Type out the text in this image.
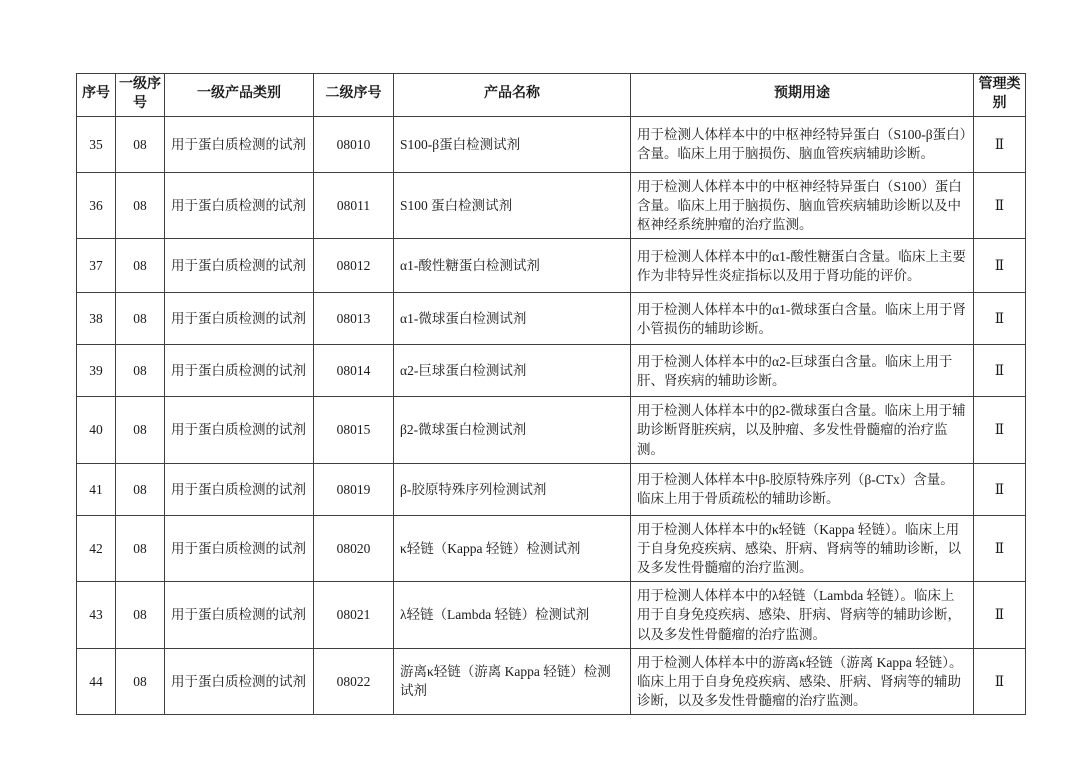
序号	一级序号	一级产品类别	二级序号	产品名称	预期用途	管理类别
35	08	用于蛋白质检测的试剂	08010	S100-β蛋白检测试剂	用于检测人体样本中的中枢神经特异蛋白（S100-β蛋白）含量。临床上用于脑损伤、脑血管疾病辅助诊断。	Ⅱ
36	08	用于蛋白质检测的试剂	08011	S100 蛋白检测试剂	用于检测人体样本中的中枢神经特异蛋白（S100）蛋白含量。临床上用于脑损伤、脑血管疾病辅助诊断以及中枢神经系统肿瘤的治疗监测。	Ⅱ
37	08	用于蛋白质检测的试剂	08012	α1-酸性糖蛋白检测试剂	用于检测人体样本中的α1-酸性糖蛋白含量。临床上主要作为非特异性炎症指标以及用于肾功能的评价。	Ⅱ
38	08	用于蛋白质检测的试剂	08013	α1-微球蛋白检测试剂	用于检测人体样本中的α1-微球蛋白含量。临床上用于肾小管损伤的辅助诊断。	Ⅱ
39	08	用于蛋白质检测的试剂	08014	α2-巨球蛋白检测试剂	用于检测人体样本中的α2-巨球蛋白含量。临床上用于肝、肾疾病的辅助诊断。	Ⅱ
40	08	用于蛋白质检测的试剂	08015	β2-微球蛋白检测试剂	用于检测人体样本中的β2-微球蛋白含量。临床上用于辅助诊断肾脏疾病，以及肿瘤、多发性骨髓瘤的治疗监测。	Ⅱ
41	08	用于蛋白质检测的试剂	08019	β-胶原特殊序列检测试剂	用于检测人体样本中β-胶原特殊序列（β-CTx）含量。临床上用于骨质疏松的辅助诊断。	Ⅱ
42	08	用于蛋白质检测的试剂	08020	κ轻链（Kappa 轻链）检测试剂	用于检测人体样本中的κ轻链（Kappa 轻链）。临床上用于自身免疫疾病、感染、肝病、肾病等的辅助诊断，以及多发性骨髓瘤的治疗监测。	Ⅱ
43	08	用于蛋白质检测的试剂	08021	λ轻链（Lambda 轻链）检测试剂	用于检测人体样本中的λ轻链（Lambda 轻链）。临床上用于自身免疫疾病、感染、肝病、肾病等的辅助诊断，以及多发性骨髓瘤的治疗监测。	Ⅱ
44	08	用于蛋白质检测的试剂	08022	游离κ轻链（游离 Kappa 轻链）检测试剂	用于检测人体样本中的游离κ轻链（游离 Kappa 轻链）。临床上用于自身免疫疾病、感染、肝病、肾病等的辅助诊断，以及多发性骨髓瘤的治疗监测。	Ⅱ
